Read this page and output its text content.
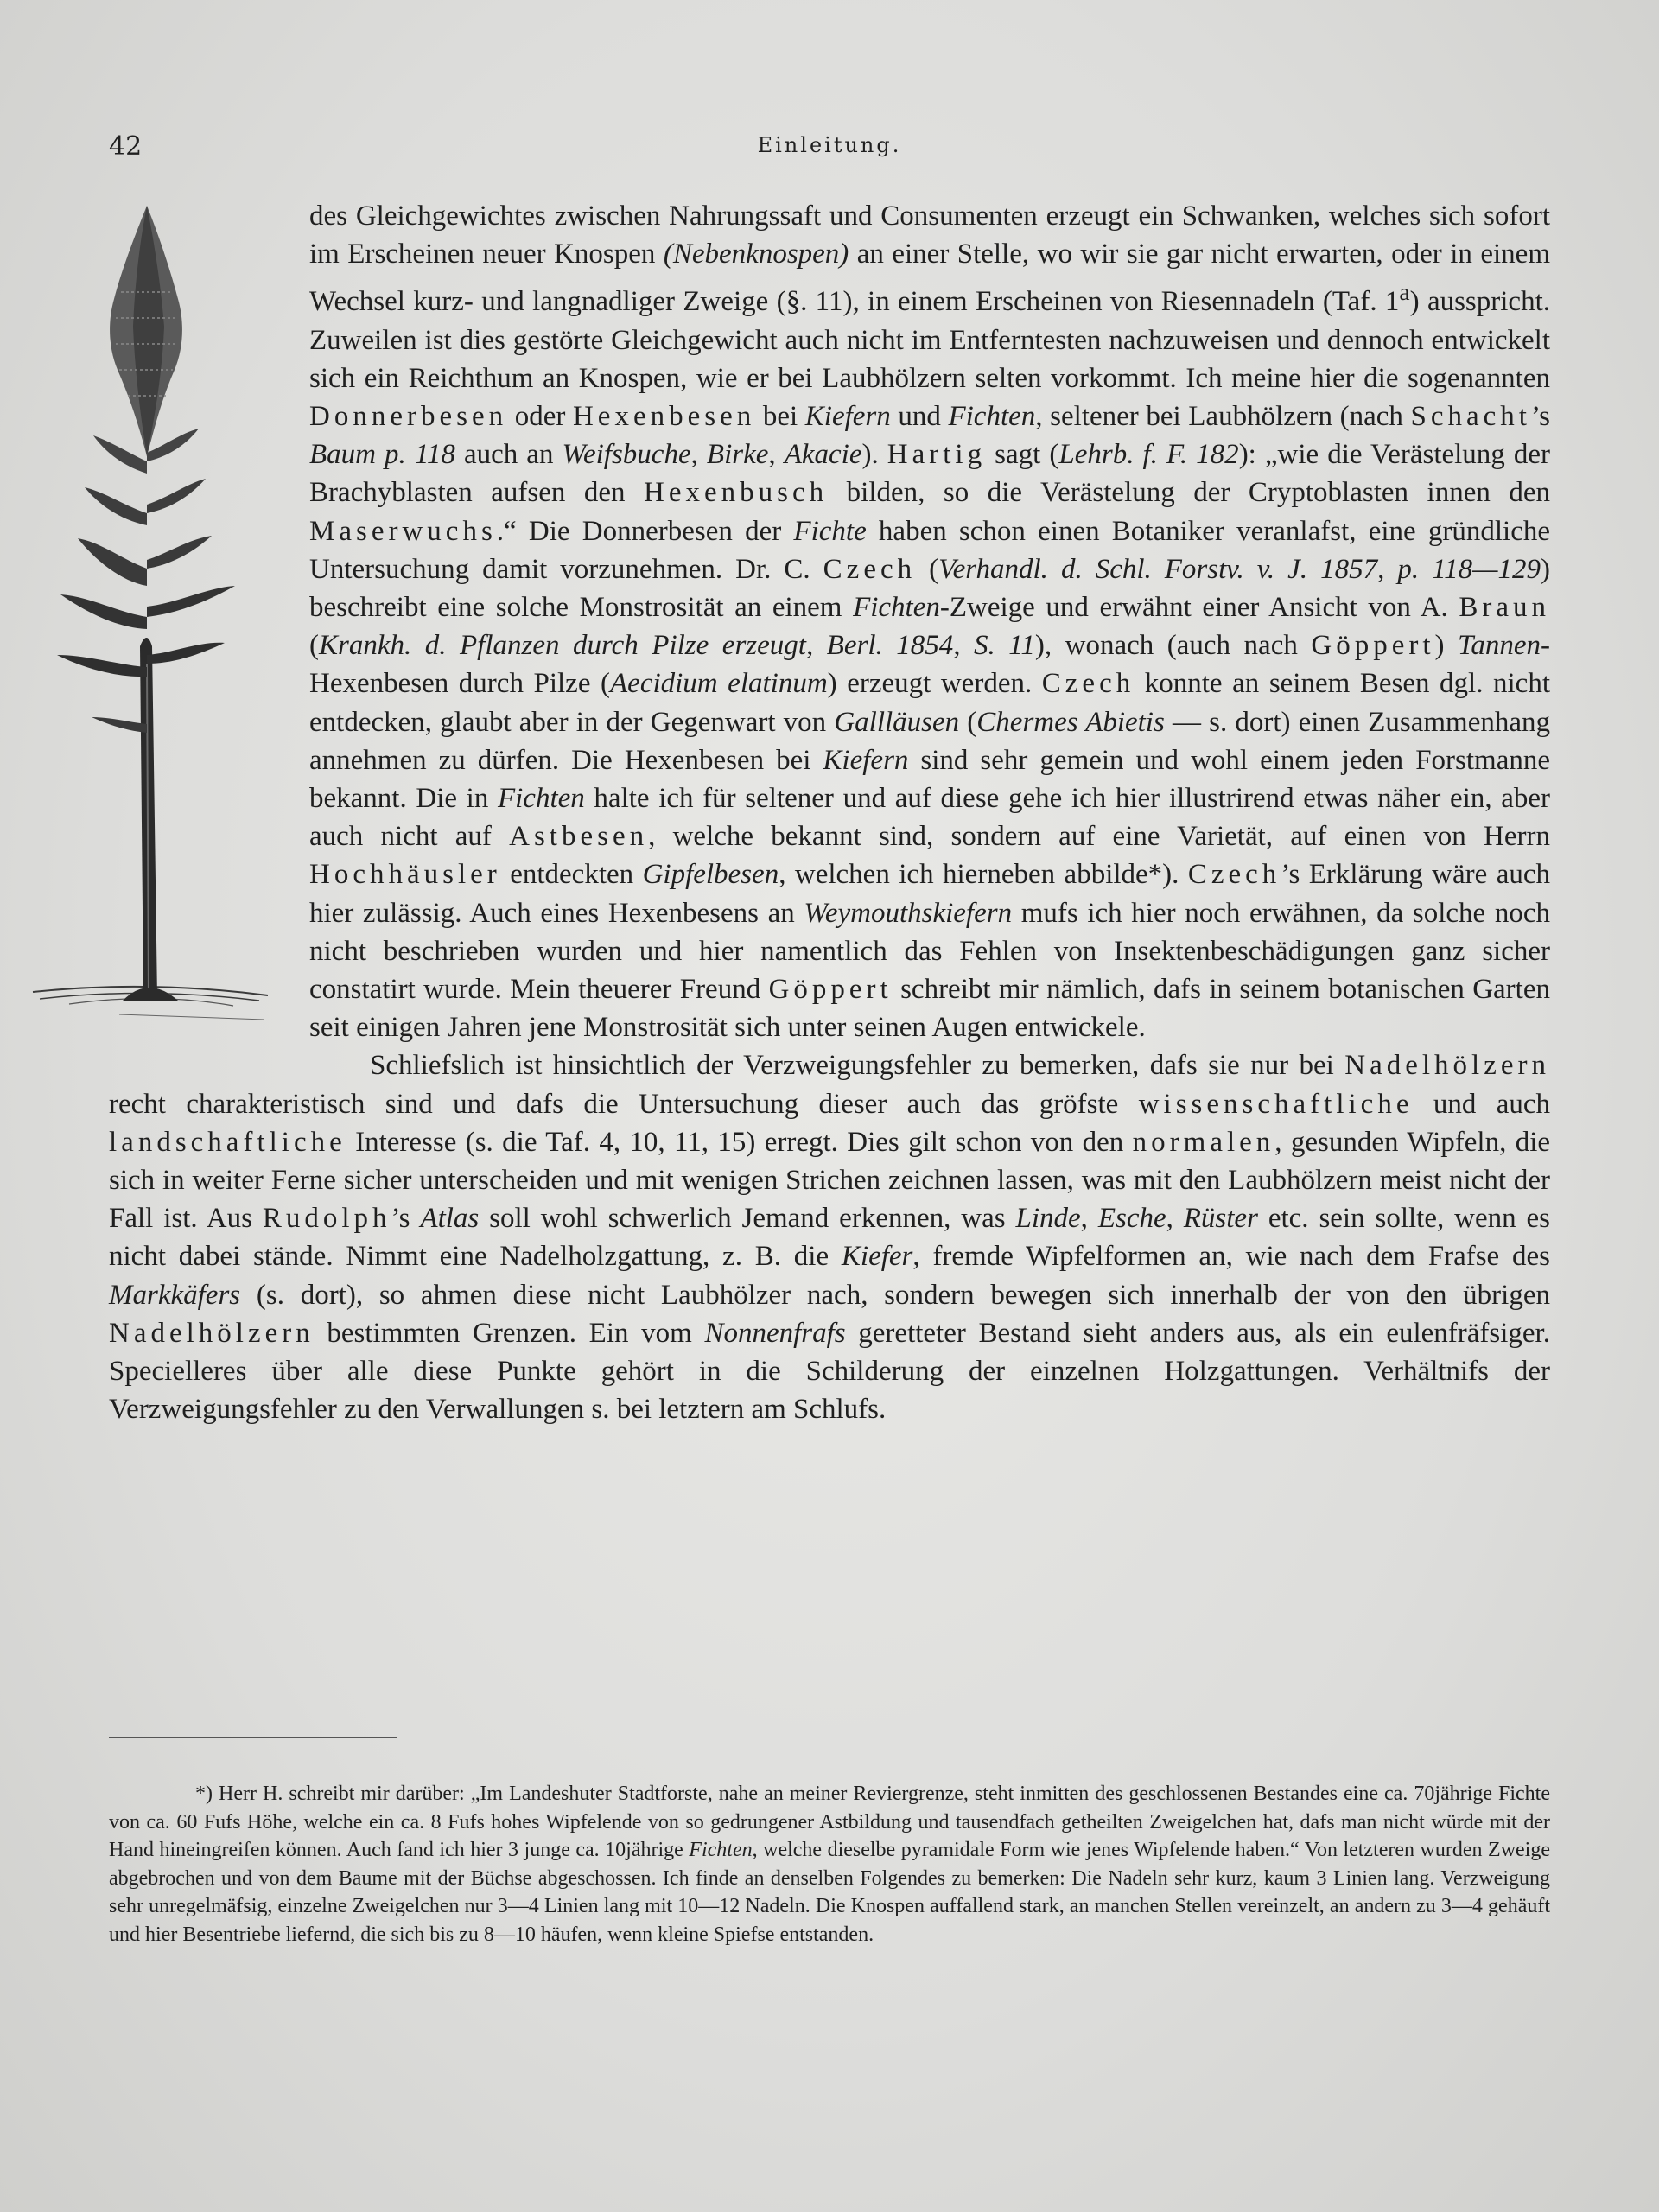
42	Einleitung.

des Gleichgewichtes zwischen Nahrungssaft und Consumenten erzeugt ein Schwanken, welches sich sofort im Erscheinen neuer Knospen (Nebenknospen) an einer Stelle, wo wir sie gar nicht erwarten, oder in einem Wechsel kurz- und langnadliger Zweige (§. 11), in einem Erscheinen von Riesennadeln (Taf. 1$^a$) ausspricht. Zuweilen ist dies gestörte Gleichgewicht auch nicht im Entferntesten nachzuweisen und dennoch entwickelt sich ein Reichthum an Knospen, wie er bei Laubhölzern selten vorkommt. Ich meine hier die sogenannten Donnerbesen oder Hexenbesen bei Kiefern und Fichten, seltener bei Laubhölzern (nach Schacht’s Baum p. 118 auch an Weifsbuche, Birke, Akacie). Hartig sagt (Lehrb. f. F. 182): „wie die Verästelung der Brachyblasten aufsen den Hexenbusch bilden, so die Verästelung der Cryptoblasten innen den Maserwuchs.“ Die Donnerbesen der Fichte haben schon einen Botaniker veranlafst, eine gründliche Untersuchung damit vorzunehmen. Dr. C. Czech (Verhandl. d. Schl. Forstv. v. J. 1857, p. 118—129) beschreibt eine solche Monstrosität an einem Fichten-Zweige und erwähnt einer Ansicht von A. Braun (Krankh. d. Pflanzen durch Pilze erzeugt, Berl. 1854, S. 11), wonach (auch nach Göppert) Tannen-Hexenbesen durch Pilze (Aecidium elatinum) erzeugt werden. Czech konnte an seinem Besen dgl. nicht entdecken, glaubt aber in der Gegenwart von Gallläusen (Chermes Abietis — s. dort) einen Zusammenhang annehmen zu dürfen. Die Hexenbesen bei Kiefern sind sehr gemein und wohl einem jeden Forstmanne bekannt. Die in Fichten halte ich für seltener und auf diese gehe ich hier illustrirend etwas näher ein, aber auch nicht auf Astbesen, welche bekannt sind, sondern auf eine Varietät, auf einen von Herrn Hochhäusler entdeckten Gipfelbesen, welchen ich hierneben abbilde*). Czech’s Erklärung wäre auch hier zulässig. Auch eines Hexenbesens an Weymouthskiefern mufs ich hier noch erwähnen, da solche noch nicht beschrieben wurden und hier namentlich das Fehlen von Insektenbeschädigungen ganz sicher constatirt wurde. Mein theuerer Freund Göppert schreibt mir nämlich, dafs in seinem botanischen Garten seit einigen Jahren jene Monstrosität sich unter seinen Augen entwickele.

Schliefslich ist hinsichtlich der Verzweigungsfehler zu bemerken, dafs sie nur bei Nadelhölzern recht charakteristisch sind und dafs die Untersuchung dieser auch das gröfste wissenschaftliche und auch landschaftliche Interesse (s. die Taf. 4, 10, 11, 15) erregt. Dies gilt schon von den normalen, gesunden Wipfeln, die sich in weiter Ferne sicher unterscheiden und mit wenigen Strichen zeichnen lassen, was mit den Laubhölzern meist nicht der Fall ist. Aus Rudolph’s Atlas soll wohl schwerlich Jemand erkennen, was Linde, Esche, Rüster etc. sein sollte, wenn es nicht dabei stände. Nimmt eine Nadelholzgattung, z. B. die Kiefer, fremde Wipfelformen an, wie nach dem Frafse des Markkäfers (s. dort), so ahmen diese nicht Laubhölzer nach, sondern bewegen sich innerhalb der von den übrigen Nadelhölzern bestimmten Grenzen. Ein vom Nonnenfrafs geretteter Bestand sieht anders aus, als ein eulenfräfsiger. Specielleres über alle diese Punkte gehört in die Schilderung der einzelnen Holzgattungen. Verhältnifs der Verzweigungsfehler zu den Verwallungen s. bei letztern am Schlufs.

*) Herr H. schreibt mir darüber: „Im Landeshuter Stadtforste, nahe an meiner Reviergrenze, steht inmitten des geschlossenen Bestandes eine ca. 70jährige Fichte von ca. 60 Fufs Höhe, welche ein ca. 8 Fufs hohes Wipfelende von so gedrungener Astbildung und tausendfach getheilten Zweigelchen hat, dafs man nicht würde mit der Hand hineingreifen können. Auch fand ich hier 3 junge ca. 10jährige Fichten, welche dieselbe pyramidale Form wie jenes Wipfelende haben.“ Von letzteren wurden Zweige abgebrochen und von dem Baume mit der Büchse abgeschossen. Ich finde an denselben Folgendes zu bemerken: Die Nadeln sehr kurz, kaum 3 Linien lang. Verzweigung sehr unregelmäfsig, einzelne Zweigelchen nur 3—4 Linien lang mit 10—12 Nadeln. Die Knospen auffallend stark, an manchen Stellen vereinzelt, an andern zu 3—4 gehäuft und hier Besentriebe liefernd, die sich bis zu 8—10 häufen, wenn kleine Spiefse entstanden.
